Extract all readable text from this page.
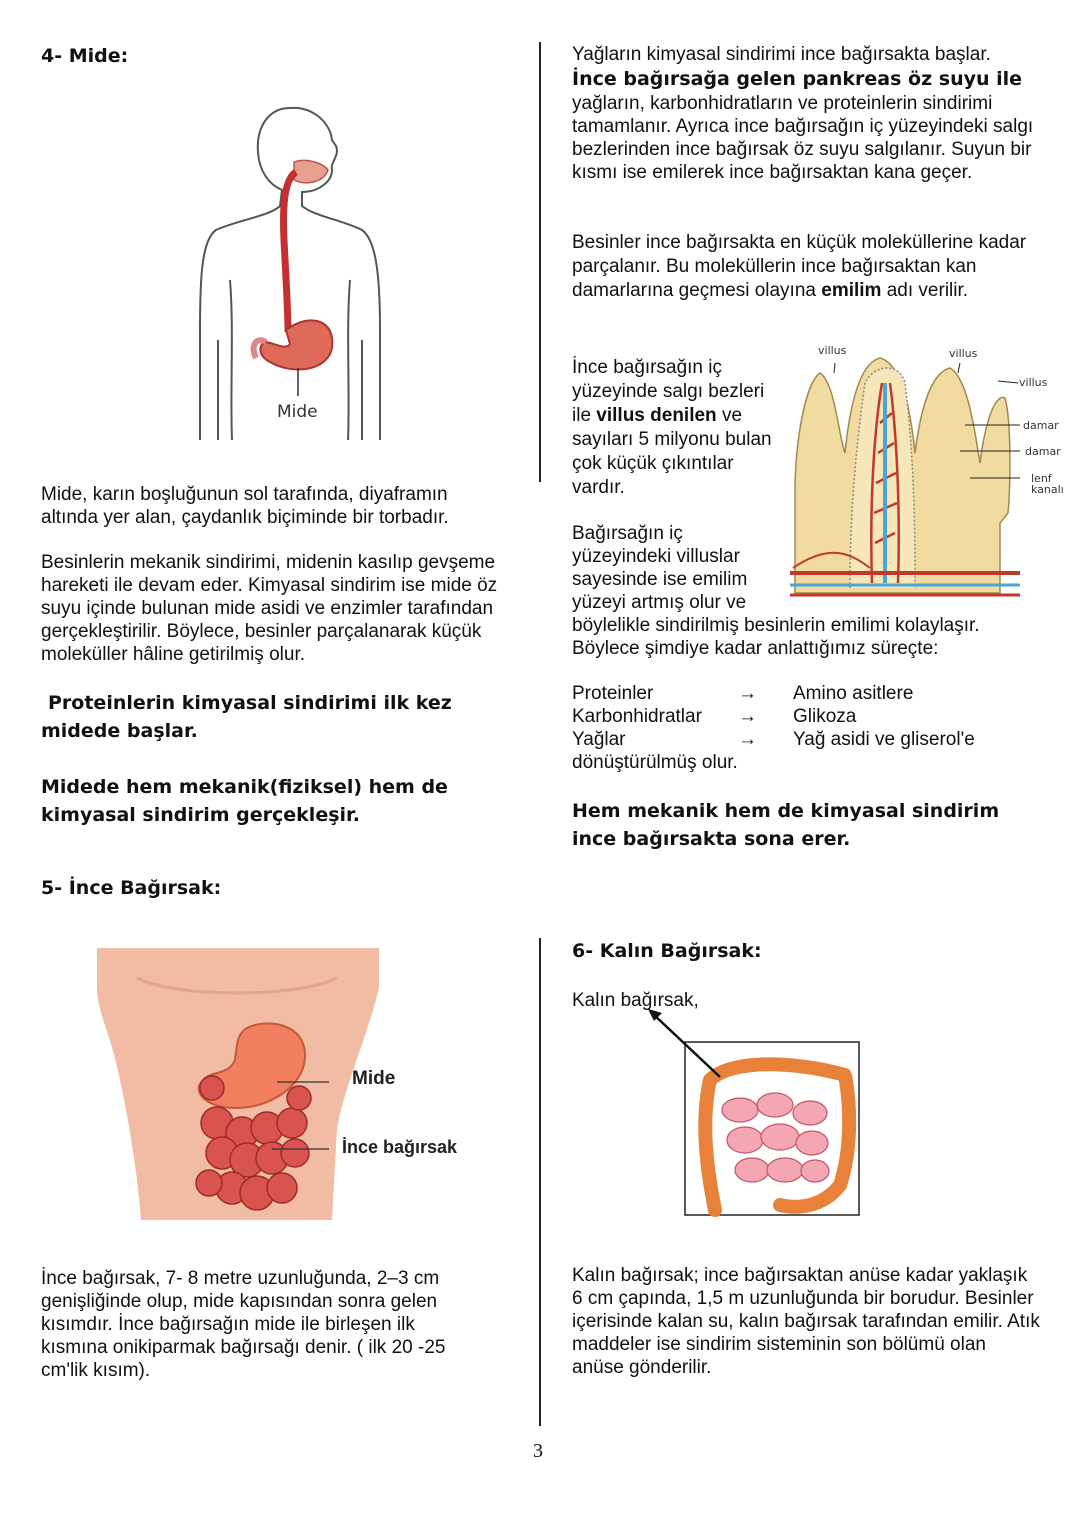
4- Mide:
Mide
Mide, karın boşluğunun sol tarafında, diyaframın altında yer alan, çaydanlık biçiminde bir torbadır.
Besinlerin mekanik sindirimi, midenin kasılıp gevşeme hareketi ile devam eder. Kimyasal sindirim ise mide öz suyu içinde bulunan mide asidi ve enzimler tarafından gerçekleştirilir. Böylece, besinler parçalanarak küçük moleküller hâline getirilmiş olur.
Proteinlerin kimyasal sindirimi ilk kez midede başlar.
Midede hem mekanik(fiziksel) hem de kimyasal sindirim gerçekleşir.
5- İnce Bağırsak:
Mide
İnce bağırsak
İnce bağırsak, 7- 8 metre uzunluğunda, 2–3 cm genişliğinde olup, mide kapısından sonra gelen kısımdır. İnce bağırsağın mide ile birleşen ilk kısmına onikiparmak bağırsağı denir. ( ilk 20 -25 cm'lik kısım).
Yağların kimyasal sindirimi ince bağırsakta başlar.
İnce bağırsağa gelen pankreas öz suyu ile
yağların, karbonhidratların ve proteinlerin sindirimi tamamlanır. Ayrıca ince bağırsağın iç yüzeyindeki salgı bezlerinden ince bağırsak öz suyu salgılanır. Suyun bir kısmı ise emilerek ince bağırsaktan kana geçer.
Besinler ince bağırsakta en küçük moleküllerine kadar parçalanır. Bu moleküllerin ince bağırsaktan kan damarlarına geçmesi olayına emilim adı verilir.
İnce bağırsağın iç yüzeyinde salgı bezleri ile villus denilen ve sayıları 5 milyonu bulan çok küçük çıkıntılar vardır.
villus	villus
villus
damar
damar
lenf kanalı
Bağırsağın iç yüzeyindeki villuslar sayesinde ise emilim yüzeyi artmış olur ve
böylelikle sindirilmiş besinlerin emilimi kolaylaşır. Böylece şimdiye kadar anlattığımız süreçte:
Proteinler	→	Amino asitlere
Karbonhidratlar	→	Glikoza
Yağlar	→	Yağ asidi ve gliserol'e
dönüştürülmüş olur.
Hem mekanik hem de kimyasal sindirim ince bağırsakta sona erer.
6- Kalın Bağırsak:
Kalın bağırsak,
Kalın bağırsak; ince bağırsaktan anüse kadar yaklaşık 6 cm çapında, 1,5 m uzunluğunda bir borudur. Besinler içerisinde kalan su, kalın bağırsak tarafından emilir. Atık maddeler ise sindirim sisteminin son bölümü olan anüse gönderilir.
3
